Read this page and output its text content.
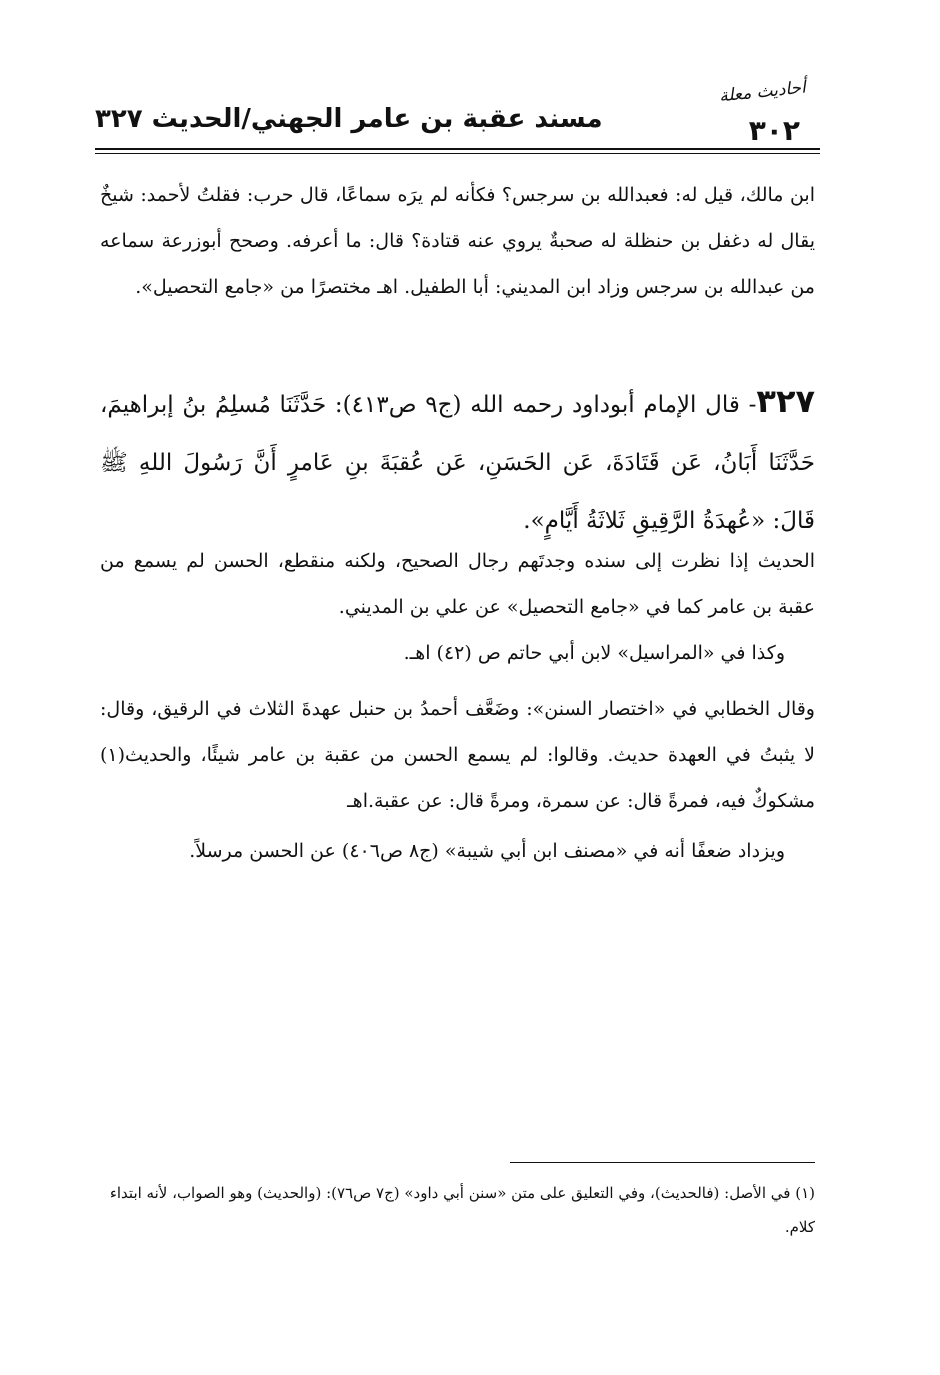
مسند عقبة بن عامر الجهني/الحديث ٣٢٧	٣٠٢
أحاديث معلة
ابن مالك، قيل له: فعبدالله بن سرجس؟ فكأنه لم يرَه سماعًا، قال حرب: فقلتُ لأحمد: شيخٌ يقال له دغفل بن حنظلة له صحبةٌ يروي عنه قتادة؟ قال: ما أعرفه. وصحح أبوزرعة سماعه من عبدالله بن سرجس وزاد ابن المديني: أبا الطفيل. اهـ مختصرًا من «جامع التحصيل».
٣٢٧- قال الإمام أبوداود رحمه الله (ج٩ ص٤١٣): حَدَّثَنَا مُسلِمُ بنُ إبراهيمَ، حَدَّثَنَا أَبَانُ، عَن قَتَادَةَ، عَن الحَسَنِ، عَن عُقبَةَ بنِ عَامرٍ أَنَّ رَسُولَ اللهِ ﷺ قَالَ: «عُهدَةُ الرَّقِيقِ ثَلاثَةُ أَيَّامٍ».
الحديث إذا نظرت إلى سنده وجدتَهم رجال الصحيح، ولكنه منقطع، الحسن لم يسمع من عقبة بن عامر كما في «جامع التحصيل» عن علي بن المديني.
وكذا في «المراسيل» لابن أبي حاتم ص (٤٢) اهـ.
وقال الخطابي في «اختصار السنن»: وضَعَّف أحمدُ بن حنبل عهدةَ الثلاث في الرقيق، وقال: لا يثبتُ في العهدة حديث. وقالوا: لم يسمع الحسن من عقبة بن عامر شيئًا، والحديث(١) مشكوكٌ فيه، فمرةً قال: عن سمرة، ومرةً قال: عن عقبة.اهـ
ويزداد ضعفًا أنه في «مصنف ابن أبي شيبة» (ج٨ ص٤٠٦) عن الحسن مرسلاً.
(١) في الأصل: (فالحديث)، وفي التعليق على متن «سنن أبي داود» (ج٧ ص٧٦): (والحديث) وهو الصواب، لأنه ابتداء كلام.
